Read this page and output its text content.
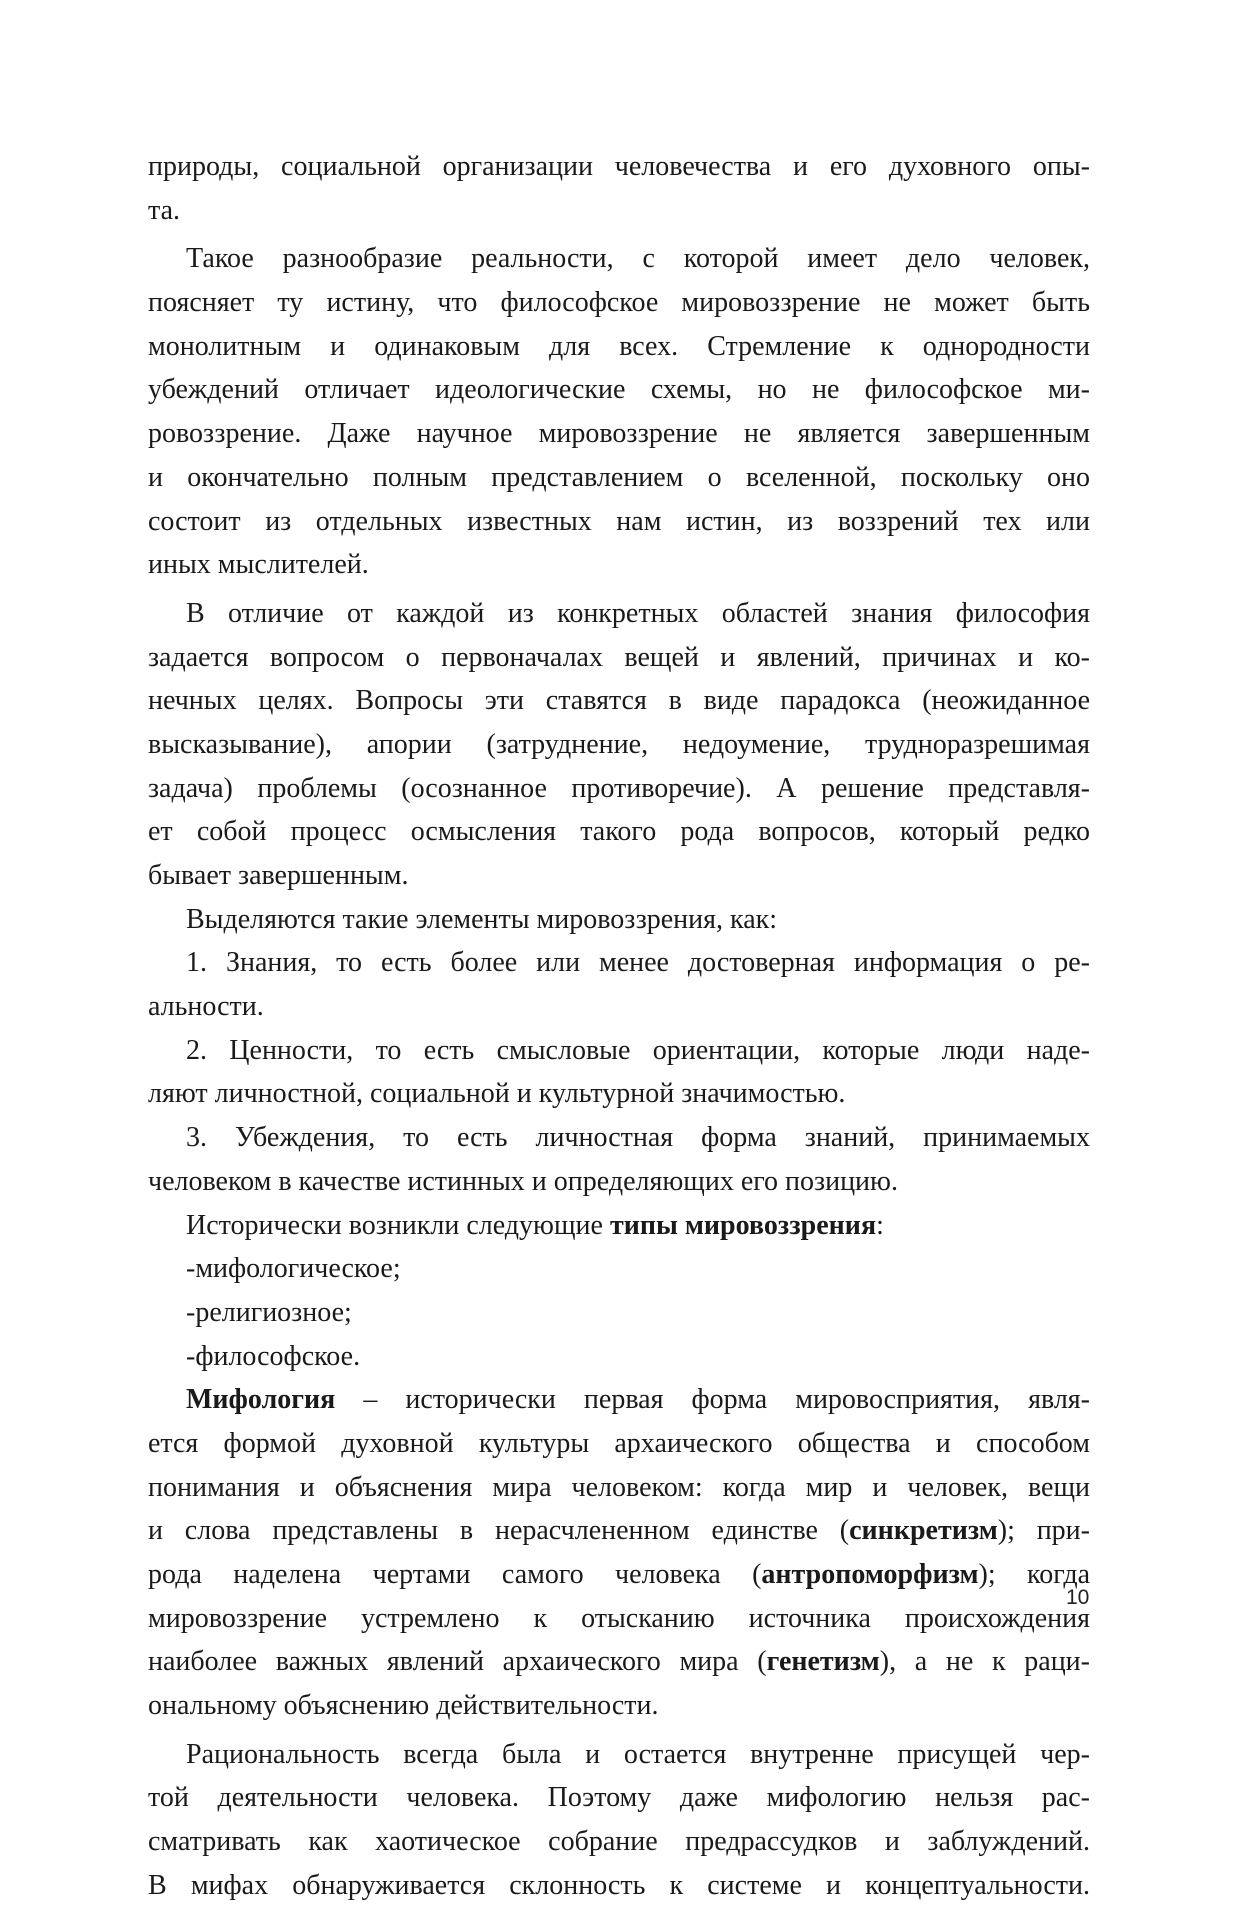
природы, социальной организации человечества и его духовного опы-
та.
Такое разнообразие реальности, с которой имеет дело человек,
поясняет ту истину, что философское мировоззрение не может быть
монолитным и одинаковым для всех. Стремление к однородности
убеждений отличает идеологические схемы, но не философское ми-
ровоззрение. Даже научное мировоззрение не является завершенным
и окончательно полным представлением о вселенной, поскольку оно
состоит из отдельных известных нам истин, из воззрений тех или
иных мыслителей.
В отличие от каждой из конкретных областей знания философия
задается вопросом о первоначалах вещей и явлений, причинах и ко-
нечных целях. Вопросы эти ставятся в виде парадокса (неожиданное
высказывание), апории (затруднение, недоумение, трудноразрешимая
задача) проблемы (осознанное противоречие). А решение представля-
ет собой процесс осмысления такого рода вопросов, который редко
бывает завершенным.
Выделяются такие элементы мировоззрения, как:
1. Знания, то есть более или менее достоверная информация о ре-
альности.
2. Ценности, то есть смысловые ориентации, которые люди наде-
ляют личностной, социальной и культурной значимостью.
3. Убеждения, то есть личностная форма знаний, принимаемых
человеком в качестве истинных и определяющих его позицию.
Исторически возникли следующие типы мировоззрения:
-мифологическое;
-религиозное;
-философское.
Мифология – исторически первая форма мировосприятия, явля-
ется формой духовной культуры архаического общества и способом
понимания и объяснения мира человеком: когда мир и человек, вещи
и слова представлены в нерасчлененном единстве (синкретизм); при-
рода наделена чертами самого человека (антропоморфизм); когда
мировоззрение устремлено к отысканию источника происхождения
наиболее важных явлений архаического мира (генетизм), а не к раци-
ональному объяснению действительности.
Рациональность всегда была и остается внутренне присущей чер-
той деятельности человека. Поэтому даже мифологию нельзя рас-
сматривать как хаотическое собрание предрассудков и заблуждений.
В мифах обнаруживается склонность к системе и концептуальности.
10
